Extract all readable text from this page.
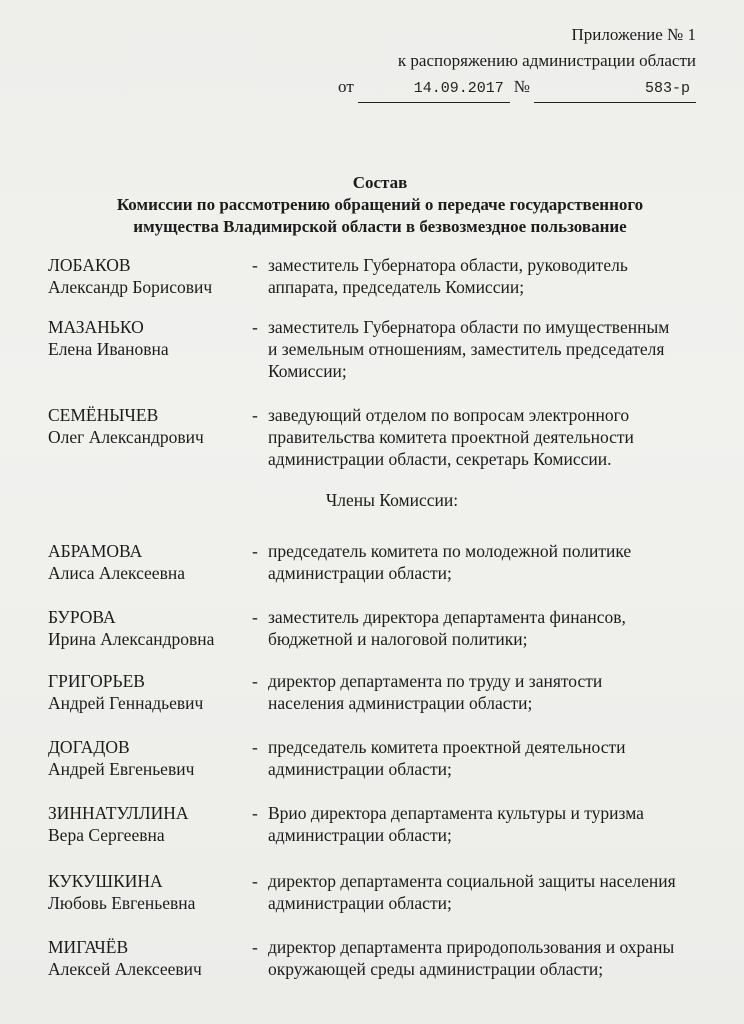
Приложение № 1
к распоряжению администрации области
от	14.09.2017 №	583-р
Состав
Комиссии по рассмотрению обращений о передаче государственного
имущества Владимирской области в безвозмездное пользование
ЛОБАКОВ
Александр Борисович
- заместитель Губернатора области, руководитель
аппарата, председатель Комиссии;
МАЗАНЬКО
Елена Ивановна
- заместитель Губернатора области по имущественным
и земельным отношениям, заместитель председателя
Комиссии;
СЕМЁНЫЧЕВ
Олег Александрович
- заведующий отделом по вопросам электронного
правительства комитета проектной деятельности
администрации области, секретарь Комиссии.
Члены Комиссии:
АБРАМОВА
Алиса Алексеевна
- председатель комитета по молодежной политике
администрации области;
БУРОВА
Ирина Александровна
- заместитель директора департамента финансов,
бюджетной и налоговой политики;
ГРИГОРЬЕВ
Андрей Геннадьевич
- директор департамента по труду и занятости
населения администрации области;
ДОГАДОВ
Андрей Евгеньевич
- председатель комитета проектной деятельности
администрации области;
ЗИННАТУЛЛИНА
Вера Сергеевна
- Врио директора департамента культуры и туризма
администрации области;
КУКУШКИНА
Любовь Евгеньевна
- директор департамента социальной защиты населения
администрации области;
МИГАЧЁВ
Алексей Алексеевич
- директор департамента природопользования и охраны
окружающей среды администрации области;
